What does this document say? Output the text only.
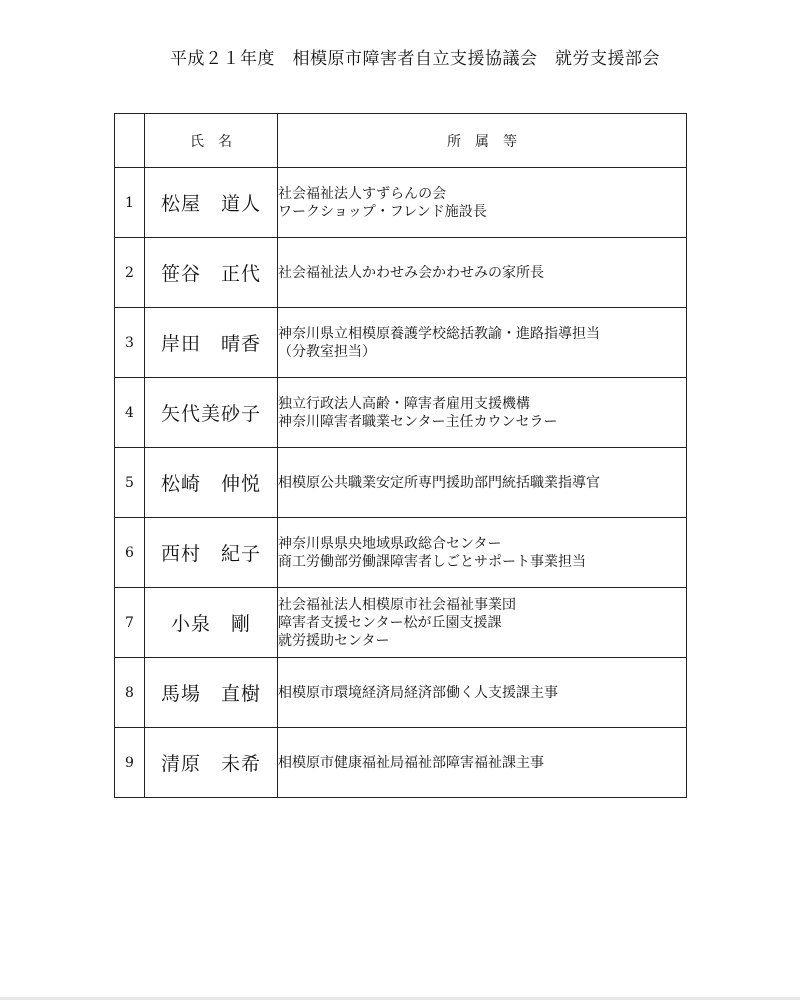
平成２１年度　相模原市障害者自立支援協議会　就労支援部会
	氏　名	所　属　等
1	松屋　道人	社会福祉法人すずらんの会
ワークショップ・フレンド施設長

2	笹谷　正代	社会福祉法人かわせみ会かわせみの家所長

3	岸田　晴香	神奈川県立相模原養護学校総括教諭・進路指導担当
（分教室担当）

4	矢代美砂子	独立行政法人高齢・障害者雇用支援機構
神奈川障害者職業センター主任カウンセラー

5	松崎　伸悦	相模原公共職業安定所専門援助部門統括職業指導官

6	西村　紀子	神奈川県県央地域県政総合センター
商工労働部労働課障害者しごとサポート事業担当

7	小泉　剛	社会福祉法人相模原市社会福祉事業団
障害者支援センター松が丘園支援課
就労援助センター

8	馬場　直樹	相模原市環境経済局経済部働く人支援課主事

9	清原　未希	相模原市健康福祉局福祉部障害福祉課主事
